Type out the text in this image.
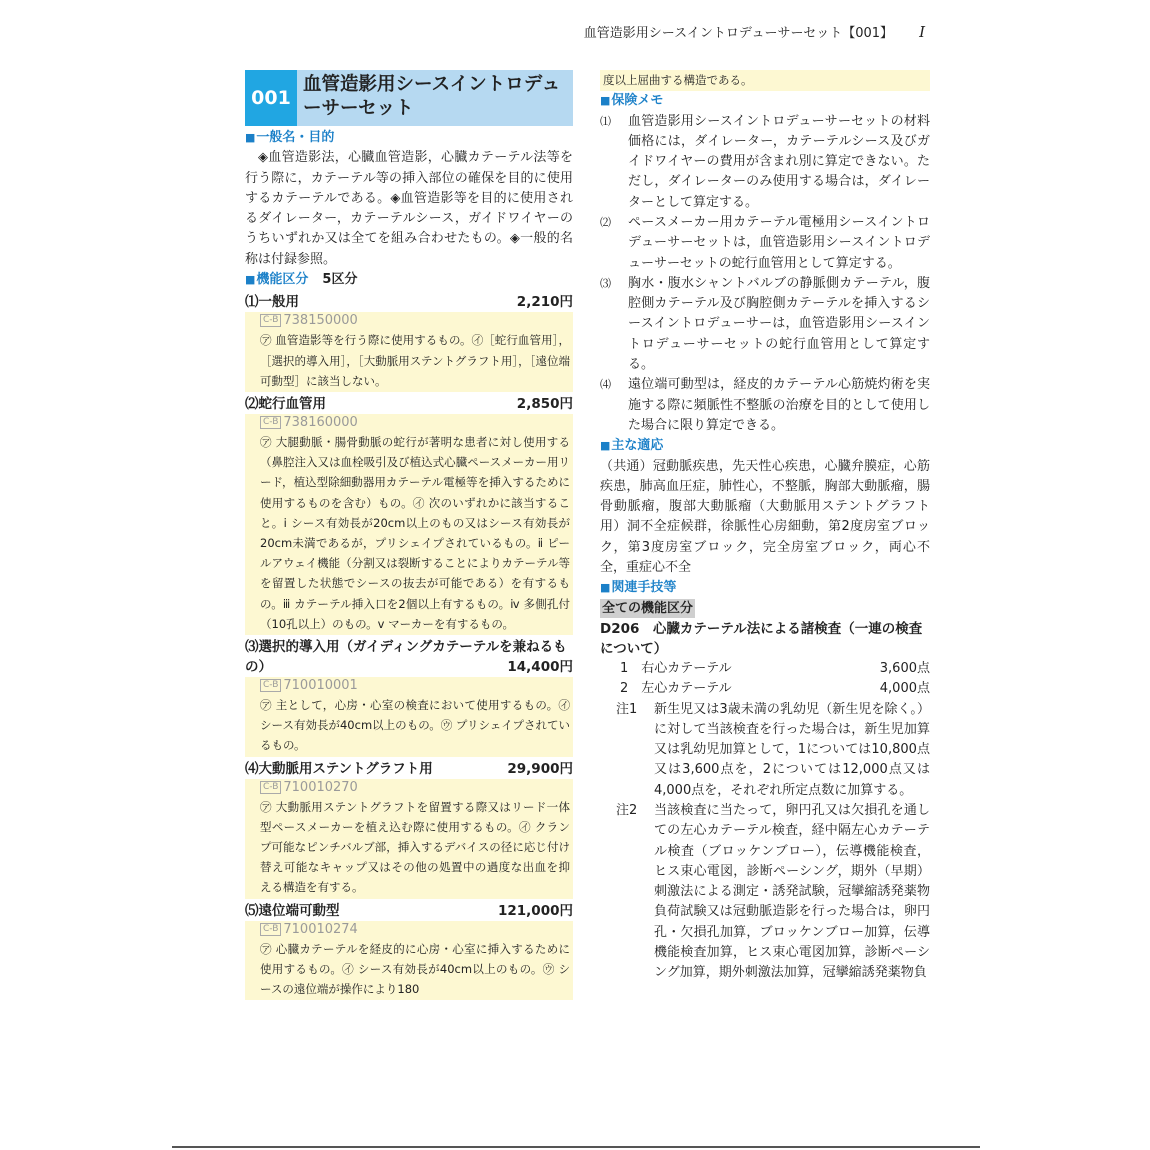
血管造影用シースイントロデューサーセット【001】 I
001
血管造影用シースイントロデューサーセット
■一般名・目的
◈血管造影法，心臓血管造影，心臓カテーテル法等を行う際に，カテーテル等の挿入部位の確保を目的に使用するカテーテルである。◈血管造影等を目的に使用されるダイレーター，カテーテルシース，ガイドワイヤーのうちいずれか又は全てを組み合わせたもの。◈一般的名称は付録参照。
■機能区分 5区分
⑴一般用	2,210円
C-B 738150000
㋐ 血管造影等を行う際に使用するもの。㋑［蛇行血管用］，［選択的導入用］，［大動脈用ステントグラフト用］，［遠位端可動型］に該当しない。
⑵蛇行血管用	2,850円
C-B 738160000
㋐ 大腿動脈・腸骨動脈の蛇行が著明な患者に対し使用する（鼻腔注入又は血栓吸引及び植込式心臓ペースメーカー用リード，植込型除細動器用カテーテル電極等を挿入するために使用するものを含む）もの。㋑ 次のいずれかに該当すること。ⅰ シース有効長が20cm以上のもの又はシース有効長が20cm未満であるが，プリシェイプされているもの。ⅱ ピールアウェイ機能（分割又は裂断することによりカテーテル等を留置した状態でシースの抜去が可能である）を有するもの。ⅲ カテーテル挿入口を2個以上有するもの。ⅳ 多側孔付（10孔以上）のもの。ⅴ マーカーを有するもの。
⑶選択的導入用（ガイディングカテーテルを兼ねるもの）	14,400円
C-B 710010001
㋐ 主として，心房・心室の検査において使用するもの。㋑ シース有効長が40cm以上のもの。㋒ プリシェイプされているもの。
⑷大動脈用ステントグラフト用	29,900円
C-B 710010270
㋐ 大動脈用ステントグラフトを留置する際又はリード一体型ペースメーカーを植え込む際に使用するもの。㋑ クランプ可能なピンチバルブ部，挿入するデバイスの径に応じ付け替え可能なキャップ又はその他の処置中の過度な出血を抑える構造を有する。
⑸遠位端可動型	121,000円
C-B 710010274
㋐ 心臓カテーテルを経皮的に心房・心室に挿入するために使用するもの。㋑ シース有効長が40cm以上のもの。㋒ シースの遠位端が操作により180
度以上屈曲する構造である。
■保険メモ
⑴	血管造影用シースイントロデューサーセットの材料価格には，ダイレーター，カテーテルシース及びガイドワイヤーの費用が含まれ別に算定できない。ただし，ダイレーターのみ使用する場合は，ダイレーターとして算定する。
⑵	ペースメーカー用カテーテル電極用シースイントロデューサーセットは，血管造影用シースイントロデューサーセットの蛇行血管用として算定する。
⑶	胸水・腹水シャントバルブの静脈側カテーテル，腹腔側カテーテル及び胸腔側カテーテルを挿入するシースイントロデューサーは，血管造影用シースイントロデューサーセットの蛇行血管用として算定する。
⑷	遠位端可動型は，経皮的カテーテル心筋焼灼術を実施する際に頻脈性不整脈の治療を目的として使用した場合に限り算定できる。
■主な適応
（共通）冠動脈疾患，先天性心疾患，心臓弁膜症，心筋疾患，肺高血圧症，肺性心，不整脈，胸部大動脈瘤，腸骨動脈瘤，腹部大動脈瘤（大動脈用ステントグラフト用）洞不全症候群，徐脈性心房細動，第2度房室ブロック，第3度房室ブロック，完全房室ブロック，両心不全，重症心不全
■関連手技等
全ての機能区分
D206　心臓カテーテル法による諸検査（一連の検査について）
1　 右心カテーテル	3,600点
2　 左心カテーテル	4,000点
注1	新生児又は3歳未満の乳幼児（新生児を除く。）に対して当該検査を行った場合は，新生児加算又は乳幼児加算として，1については10,800点又は3,600点を，2については12,000点又は4,000点を，それぞれ所定点数に加算する。
注2	当該検査に当たって，卵円孔又は欠損孔を通しての左心カテーテル検査，経中隔左心カテーテル検査（ブロッケンブロー），伝導機能検査，ヒス束心電図，診断ペーシング，期外（早期）刺激法による測定・誘発試験，冠攣縮誘発薬物負荷試験又は冠動脈造影を行った場合は，卵円孔・欠損孔加算，ブロッケンブロー加算，伝導機能検査加算，ヒス束心電図加算，診断ペーシング加算，期外刺激法加算，冠攣縮誘発薬物負
